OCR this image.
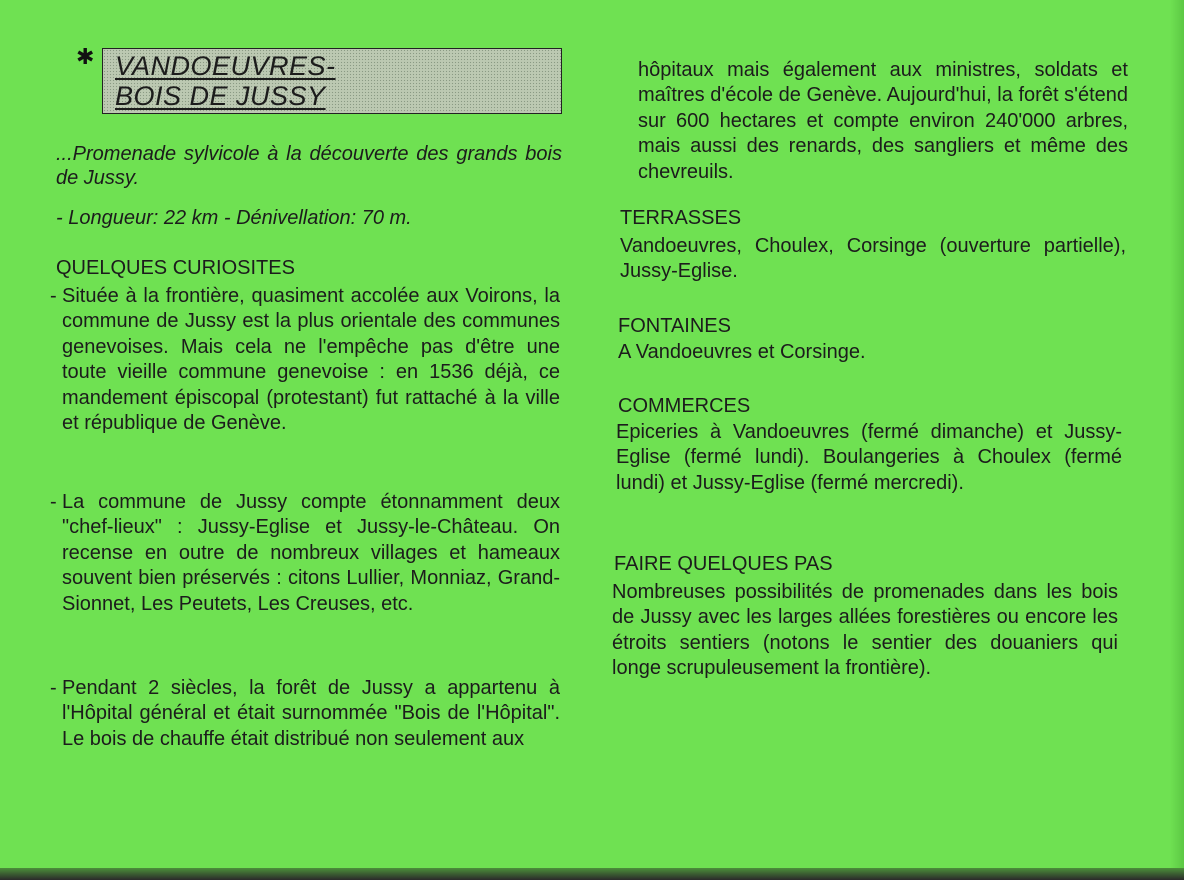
✱ VANDOEUVRES-
BOIS DE JUSSY
...Promenade sylvicole à la découverte des grands bois de Jussy.
- Longueur: 22 km - Dénivellation: 70 m.
QUELQUES CURIOSITES
- Située à la frontière, quasiment accolée aux Voirons, la commune de Jussy est la plus orientale des communes genevoises. Mais cela ne l'empêche pas d'être une toute vieille commune genevoise : en 1536 déjà, ce mandement épiscopal (protestant) fut rattaché à la ville et république de Genève.
- La commune de Jussy compte étonnamment deux "chef-lieux" : Jussy-Eglise et Jussy-le-Château. On recense en outre de nombreux villages et hameaux souvent bien préservés : citons Lullier, Monniaz, Grand-Sionnet, Les Peutets, Les Creuses, etc.
- Pendant 2 siècles, la forêt de Jussy a appartenu à l'Hôpital général et était surnommée "Bois de l'Hôpital". Le bois de chauffe était distribué non seulement aux
hôpitaux mais également aux ministres, soldats et maîtres d'école de Genève. Aujourd'hui, la forêt s'étend sur 600 hectares et compte environ 240'000 arbres, mais aussi des renards, des sangliers et même des chevreuils.
TERRASSES
Vandoeuvres, Choulex, Corsinge (ouverture partielle), Jussy-Eglise.
FONTAINES
A Vandoeuvres et Corsinge.
COMMERCES
Epiceries à Vandoeuvres (fermé dimanche) et Jussy-Eglise (fermé lundi). Boulangeries à Choulex (fermé lundi) et Jussy-Eglise (fermé mercredi).
FAIRE QUELQUES PAS
Nombreuses possibilités de promenades dans les bois de Jussy avec les larges allées forestières ou encore les étroits sentiers (notons le sentier des douaniers qui longe scrupuleusement la frontière).
